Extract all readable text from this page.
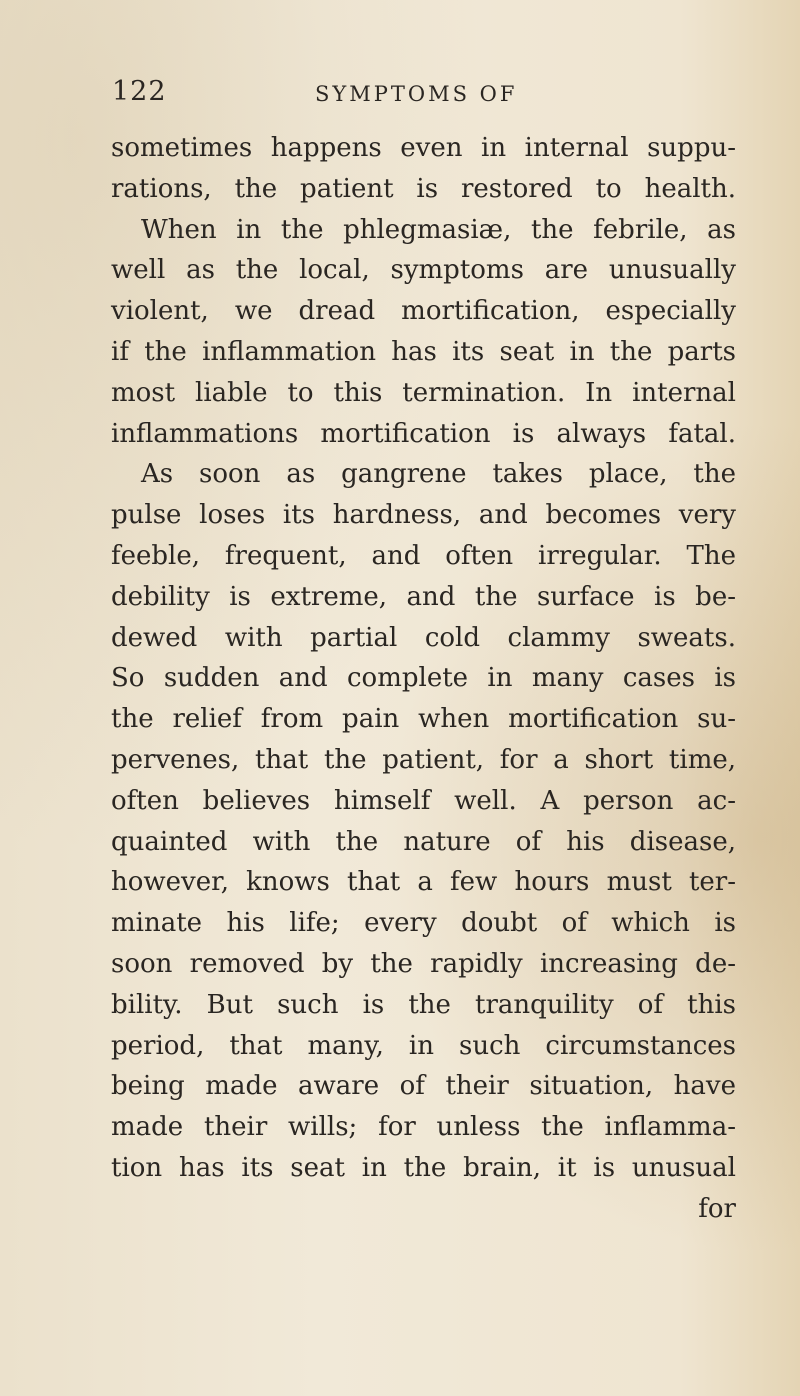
122	SYMPTOMS OF
sometimes happens even in internal suppu-
rations, the patient is restored to health.
When in the phlegmasiæ, the febrile, as
well as the local, symptoms are unusually
violent, we dread mortification, especially
if the inflammation has its seat in the parts
most liable to this termination. In internal
inflammations mortification is always fatal.
As soon as gangrene takes place, the
pulse loses its hardness, and becomes very
feeble, frequent, and often irregular. The
debility is extreme, and the surface is be-
dewed with partial cold clammy sweats.
So sudden and complete in many cases is
the relief from pain when mortification su-
pervenes, that the patient, for a short time,
often believes himself well. A person ac-
quainted with the nature of his disease,
however, knows that a few hours must ter-
minate his life; every doubt of which is
soon removed by the rapidly increasing de-
bility. But such is the tranquility of this
period, that many, in such circumstances
being made aware of their situation, have
made their wills; for unless the inflamma-
tion has its seat in the brain, it is unusual
for
